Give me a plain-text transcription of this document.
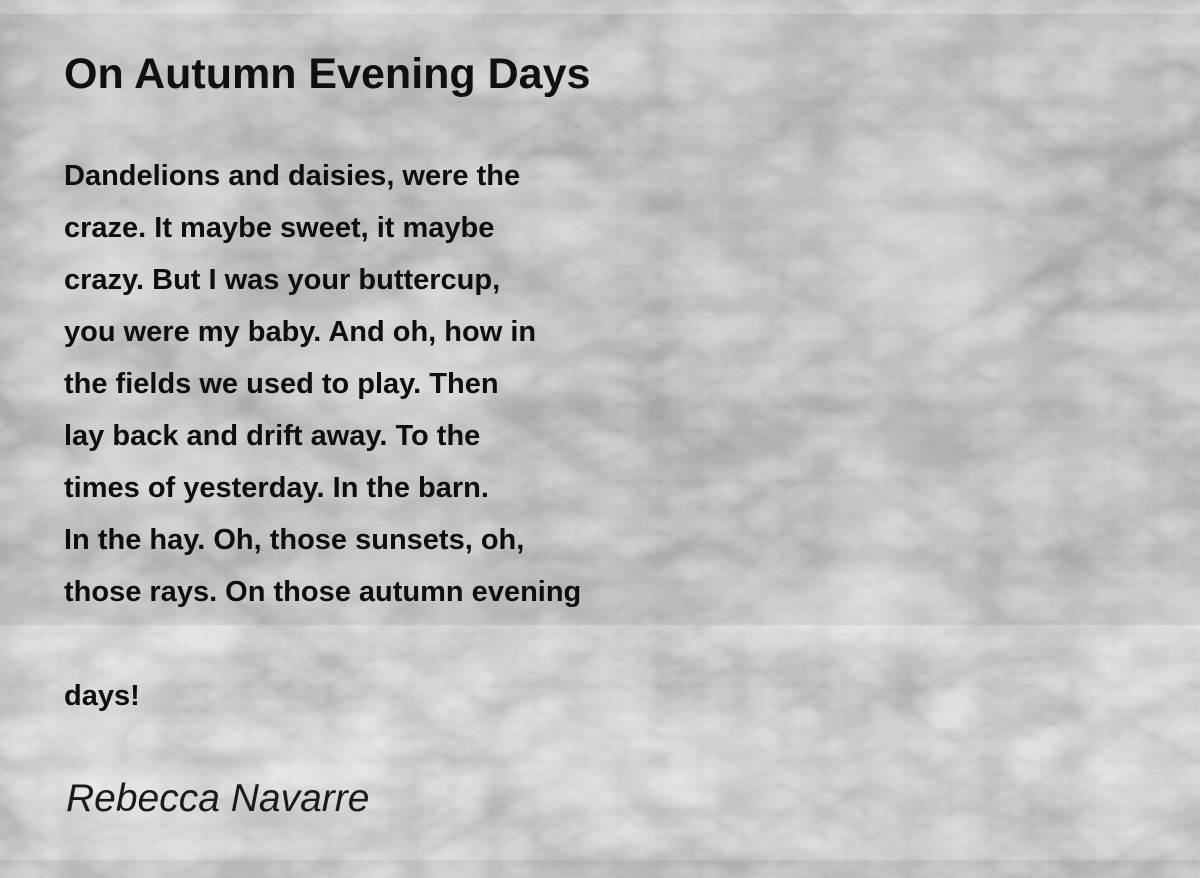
On Autumn Evening Days
Dandelions and daisies, were the
craze. It maybe sweet, it maybe
crazy. But I was your buttercup,
you were my baby. And oh, how in
the fields we used to play. Then
lay back and drift away. To the
times of yesterday. In the barn.
In the hay. Oh, those sunsets, oh,
those rays. On those autumn evening
days!

Rebecca Navarre
